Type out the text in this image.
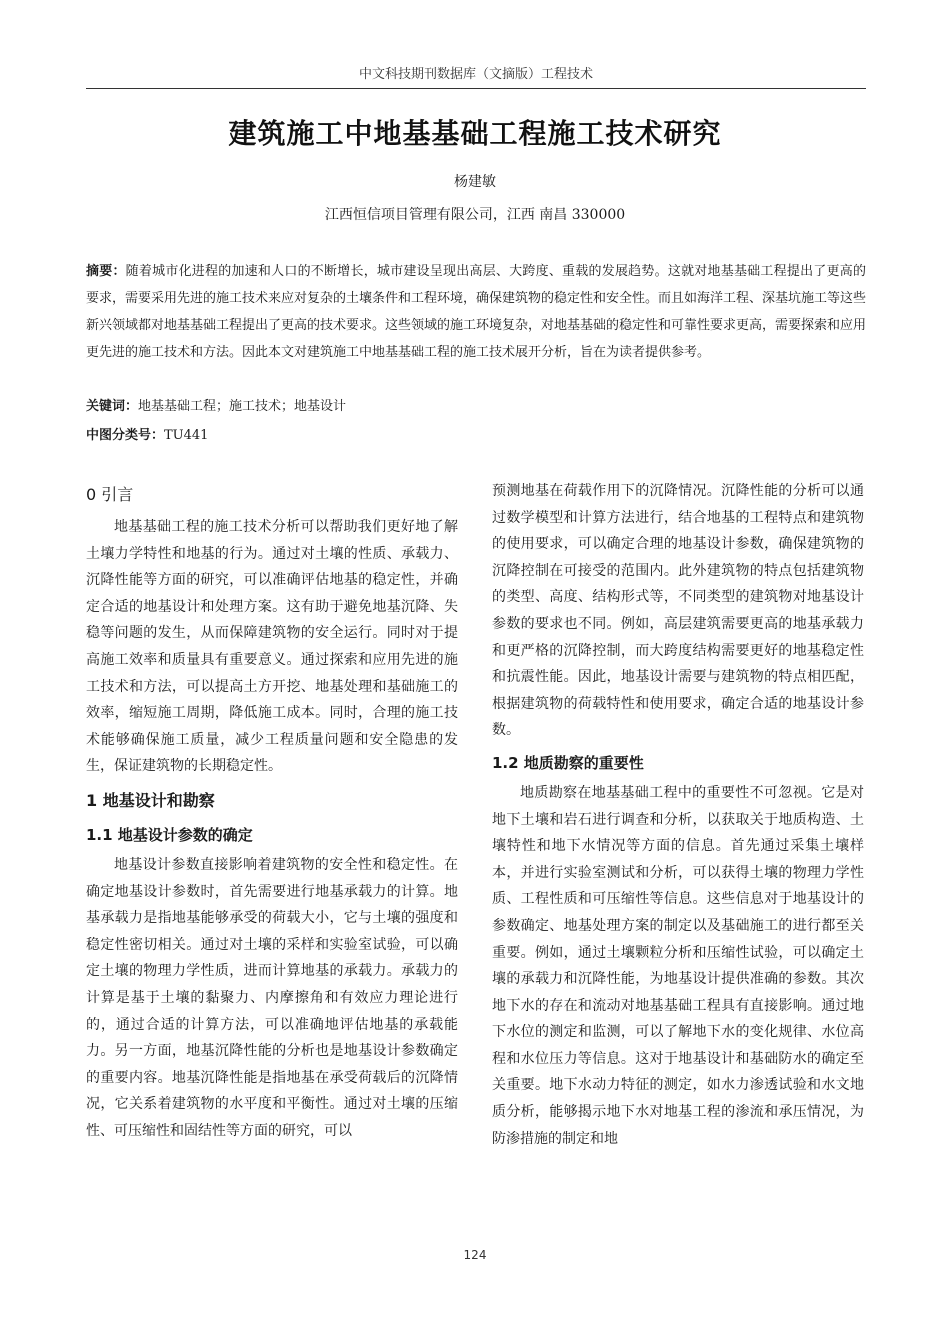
中文科技期刊数据库（文摘版）工程技术
建筑施工中地基基础工程施工技术研究
杨建敏
江西恒信项目管理有限公司，江西 南昌 330000
摘要：随着城市化进程的加速和人口的不断增长，城市建设呈现出高层、大跨度、重载的发展趋势。这就对地基基础工程提出了更高的要求，需要采用先进的施工技术来应对复杂的土壤条件和工程环境，确保建筑物的稳定性和安全性。而且如海洋工程、深基坑施工等这些新兴领域都对地基基础工程提出了更高的技术要求。这些领域的施工环境复杂，对地基基础的稳定性和可靠性要求更高，需要探索和应用更先进的施工技术和方法。因此本文对建筑施工中地基基础工程的施工技术展开分析，旨在为读者提供参考。
关键词：地基基础工程；施工技术；地基设计
中图分类号：TU441
0 引言

地基基础工程的施工技术分析可以帮助我们更好地了解土壤力学特性和地基的行为。通过对土壤的性质、承载力、沉降性能等方面的研究，可以准确评估地基的稳定性，并确定合适的地基设计和处理方案。这有助于避免地基沉降、失稳等问题的发生，从而保障建筑物的安全运行。同时对于提高施工效率和质量具有重要意义。通过探索和应用先进的施工技术和方法，可以提高土方开挖、地基处理和基础施工的效率，缩短施工周期，降低施工成本。同时，合理的施工技术能够确保施工质量，减少工程质量问题和安全隐患的发生，保证建筑物的长期稳定性。

1 地基设计和勘察
1.1 地基设计参数的确定

地基设计参数直接影响着建筑物的安全性和稳定性。在确定地基设计参数时，首先需要进行地基承载力的计算。地基承载力是指地基能够承受的荷载大小，它与土壤的强度和稳定性密切相关。通过对土壤的采样和实验室试验，可以确定土壤的物理力学性质，进而计算地基的承载力。承载力的计算是基于土壤的黏聚力、内摩擦角和有效应力理论进行的，通过合适的计算方法，可以准确地评估地基的承载能力。另一方面，地基沉降性能的分析也是地基设计参数确定的重要内容。地基沉降性能是指地基在承受荷载后的沉降情况，它关系着建筑物的水平度和平衡性。通过对土壤的压缩性、可压缩性和固结性等方面的研究，可以

预测地基在荷载作用下的沉降情况。沉降性能的分析可以通过数学模型和计算方法进行，结合地基的工程特点和建筑物的使用要求，可以确定合理的地基设计参数，确保建筑物的沉降控制在可接受的范围内。此外建筑物的特点包括建筑物的类型、高度、结构形式等，不同类型的建筑物对地基设计参数的要求也不同。例如，高层建筑需要更高的地基承载力和更严格的沉降控制，而大跨度结构需要更好的地基稳定性和抗震性能。因此，地基设计需要与建筑物的特点相匹配，根据建筑物的荷载特性和使用要求，确定合适的地基设计参数。

1.2 地质勘察的重要性

地质勘察在地基基础工程中的重要性不可忽视。它是对地下土壤和岩石进行调查和分析，以获取关于地质构造、土壤特性和地下水情况等方面的信息。首先通过采集土壤样本，并进行实验室测试和分析，可以获得土壤的物理力学性质、工程性质和可压缩性等信息。这些信息对于地基设计的参数确定、地基处理方案的制定以及基础施工的进行都至关重要。例如，通过土壤颗粒分析和压缩性试验，可以确定土壤的承载力和沉降性能，为地基设计提供准确的参数。其次地下水的存在和流动对地基基础工程具有直接影响。通过地下水位的测定和监测，可以了解地下水的变化规律、水位高程和水位压力等信息。这对于地基设计和基础防水的确定至关重要。地下水动力特征的测定，如水力渗透试验和水文地质分析，能够揭示地下水对地基工程的渗流和承压情况，为防渗措施的制定和地

124
